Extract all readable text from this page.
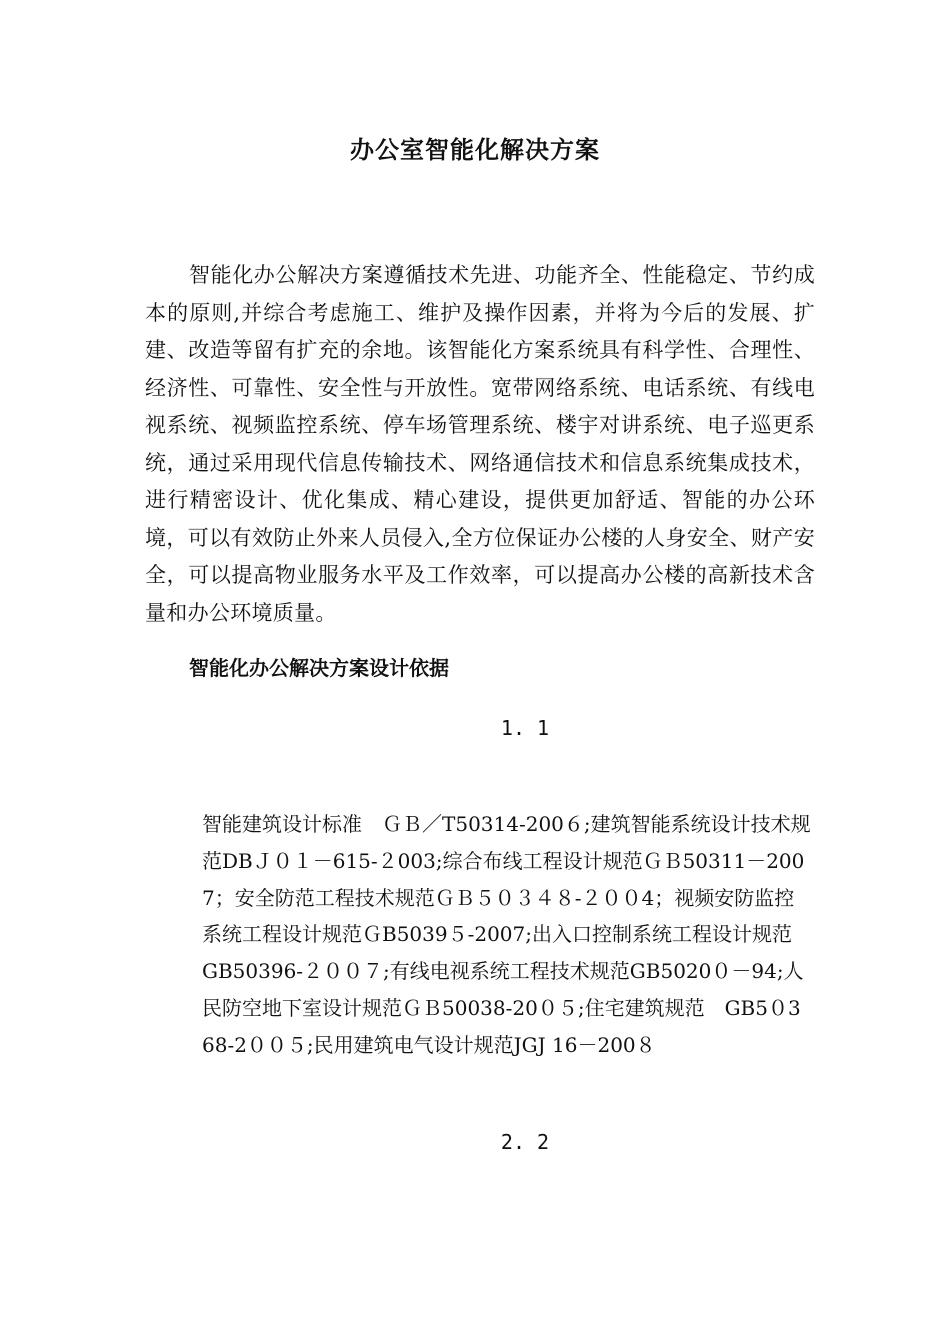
办公室智能化解决方案

智能化办公解决方案遵循技术先进、功能齐全、性能稳定、节约成本的原则,并综合考虑施工、维护及操作因素，并将为今后的发展、扩建、改造等留有扩充的余地。该智能化方案系统具有科学性、合理性、经济性、可靠性、安全性与开放性。宽带网络系统、电话系统、有线电视系统、视频监控系统、停车场管理系统、楼宇对讲系统、电子巡更系统，通过采用现代信息传输技术、网络通信技术和信息系统集成技术，进行精密设计、优化集成、精心建设，提供更加舒适、智能的办公环境，可以有效防止外来人员侵入,全方位保证办公楼的人身安全、财产安全，可以提高物业服务水平及工作效率，可以提高办公楼的高新技术含量和办公环境质量。

智能化办公解决方案设计依据
1. 1

智能建筑设计标准　ＧＢ／T50314-200６;建筑智能系统设计技术规范DBＪ０１－615-２003;综合布线工程设计规范ＧＢ50311－2007；安全防范工程技术规范ＧＢ５０３４８-２００4；视频安防监控系统工程设计规范ＧB5039５-2007;出入口控制系统工程设计规范 GB50396-２００７;有线电视系统工程技术规范GB5020０－94;人民防空地下室设计规范ＧＢ50038-20０５;住宅建筑规范　GB5０368-2００５;民用建筑电气设计规范JGJ 16－200８

2. 2
